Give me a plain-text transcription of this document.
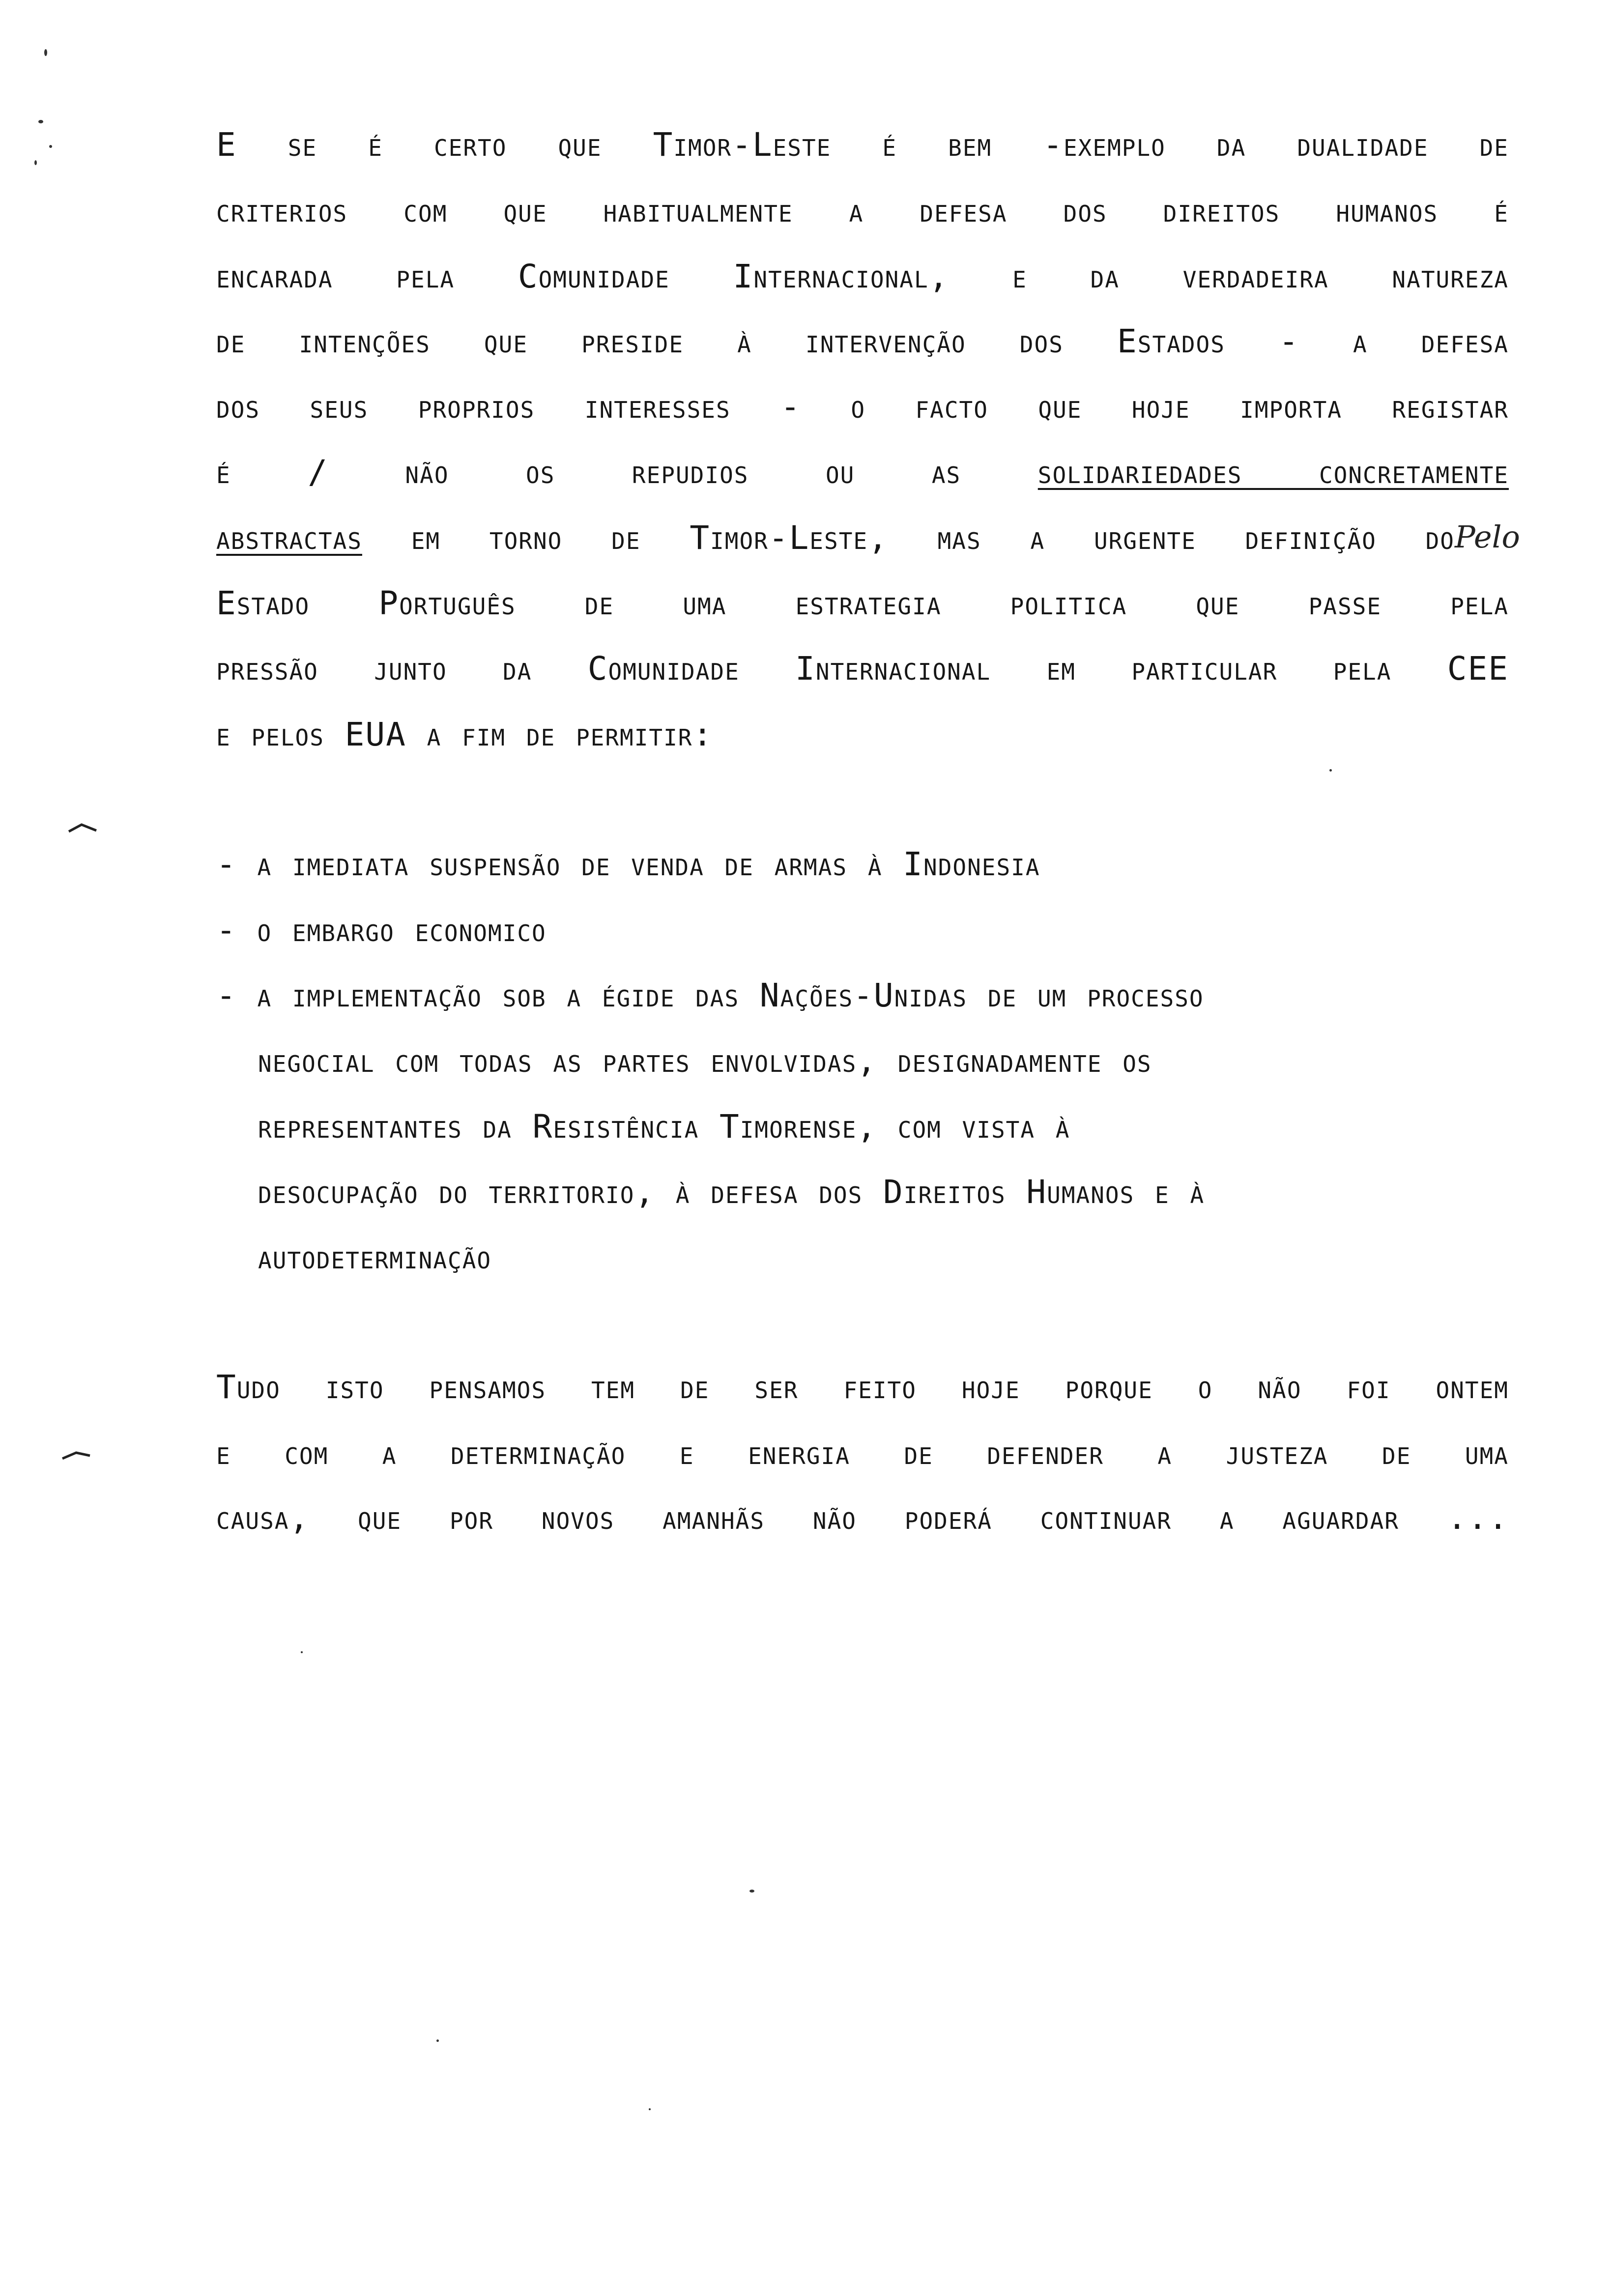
E se é certo que Timor-Leste é bem -exemplo da dualidade de
criterios com que habitualmente a defesa dos direitos humanos é
encarada pela Comunidade Internacional, e da verdadeira natureza
de intenções que preside à intervenção dos Estados - a defesa
dos seus proprios interesses - o facto que hoje importa registar
é / não os repudios ou as solidariedades concretamente
abstractas em torno de Timor-Leste, mas a urgente definição do Pelo
Estado Português de uma estrategia politica que passe pela
pressão junto da Comunidade Internacional em particular pela CEE
e pelos EUA a fim de permitir:
- a imediata suspensão de venda de armas à Indonesia
- o embargo economico
- a implementação sob a égide das Nações-Unidas de um processo
negocial com todas as partes envolvidas, designadamente os
representantes da Resistência Timorense, com vista à
desocupação do territorio, à defesa dos Direitos Humanos e à
autodeterminação
Tudo isto pensamos tem de ser feito hoje porque o não foi ontem
e com a determinação e energia de defender a justeza de uma
causa, que por novos amanhãs não poderá continuar a aguardar ...
